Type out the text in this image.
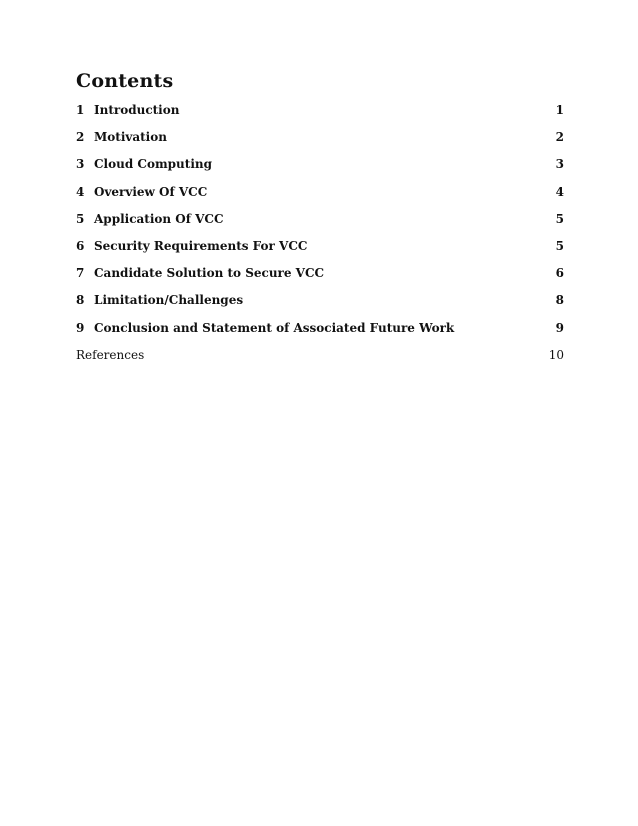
Contents
1 Introduction	1
2 Motivation	2
3 Cloud Computing	3
4 Overview Of VCC	4
5 Application Of VCC	5
6 Security Requirements For VCC	5
7 Candidate Solution to Secure VCC	6
8 Limitation/Challenges	8
9 Conclusion and Statement of Associated Future Work	9
References	10
